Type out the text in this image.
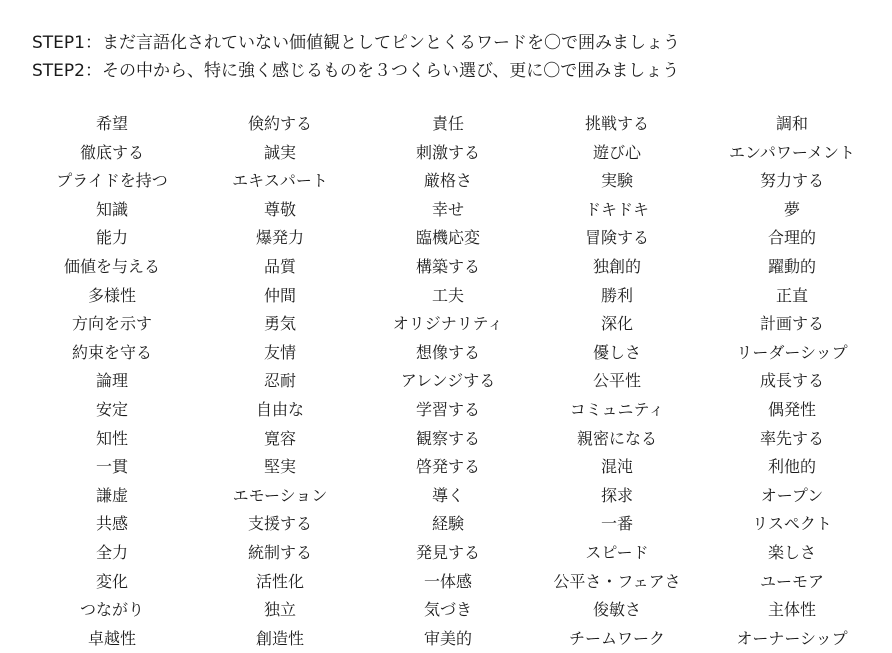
STEP1：まだ言語化されていない価値観としてピンとくるワードを〇で囲みましょう
STEP2：その中から、特に強く感じるものを３つくらい選び、更に〇で囲みましょう
希望
徹底する
プライドを持つ
知識
能力
価値を与える
多様性
方向を示す
約束を守る
論理
安定
知性
一貫
謙虚
共感
全力
変化
つながり
卓越性
倹約する
誠実
エキスパート
尊敬
爆発力
品質
仲間
勇気
友情
忍耐
自由な
寛容
堅実
エモーション
支援する
統制する
活性化
独立
創造性
責任
刺激する
厳格さ
幸せ
臨機応変
構築する
工夫
オリジナリティ
想像する
アレンジする
学習する
観察する
啓発する
導く
経験
発見する
一体感
気づき
审美的
挑戦する
遊び心
実験
ドキドキ
冒険する
独創的
勝利
深化
優しさ
公平性
コミュニティ
親密になる
混沌
探求
一番
スピード
公平さ・フェアさ
俊敏さ
チームワーク
調和
エンパワーメント
努力する
夢
合理的
躍動的
正直
計画する
リーダーシップ
成長する
偶発性
率先する
利他的
オープン
リスペクト
楽しさ
ユーモア
主体性
オーナーシップ
